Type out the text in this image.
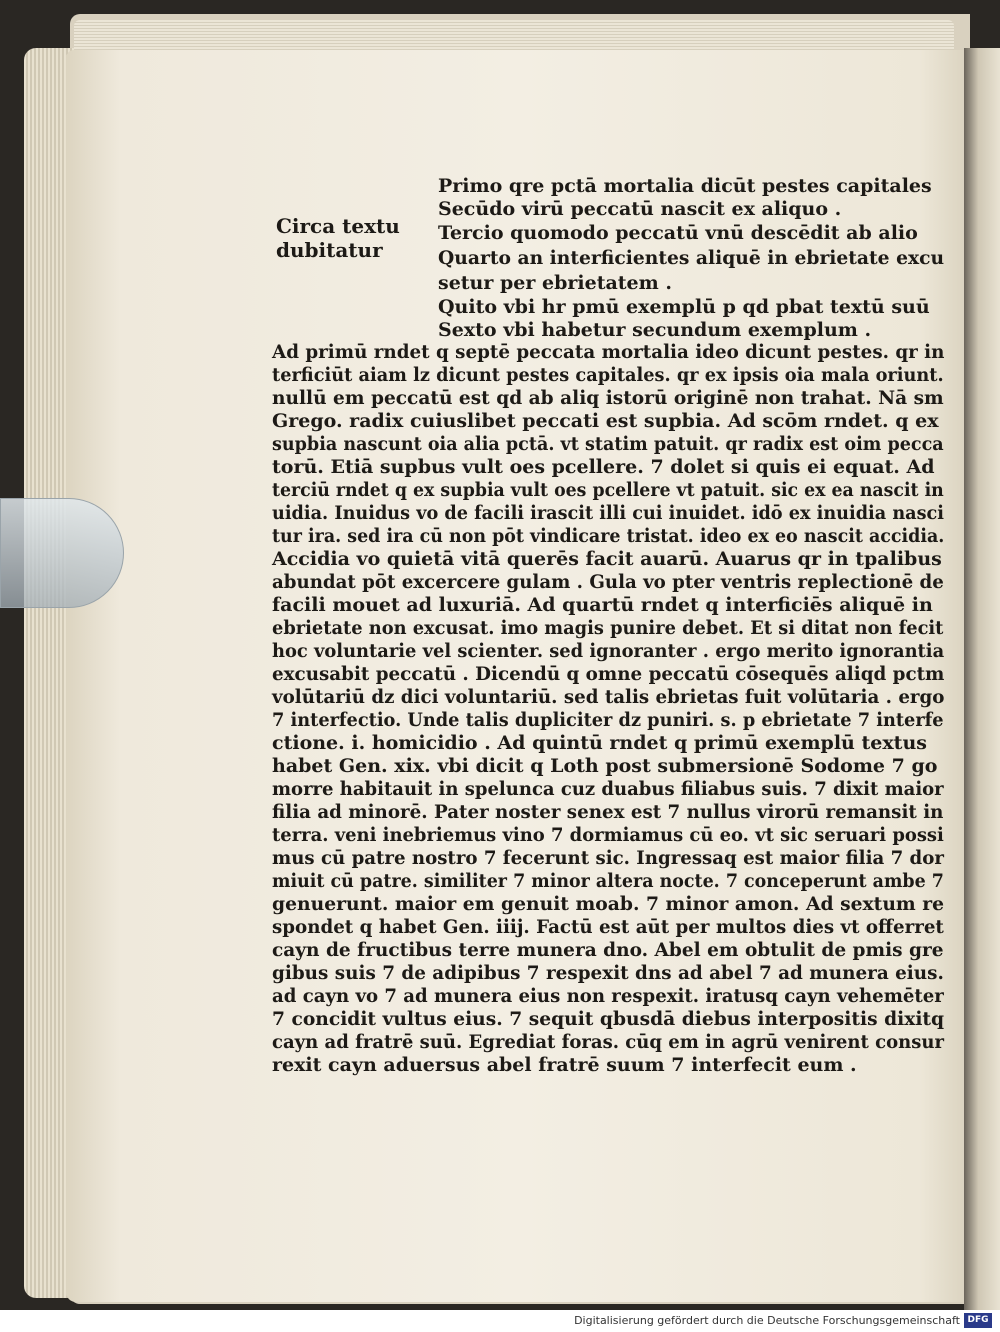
Circa textu

dubitatur

Primo qre pctā mortalia dicūt pestes capitales

Secūdo virū peccatū nascit ex aliquo .

Tercio quomodo peccatū vnū descēdit ab alio

Quarto an interficientes aliquē in ebrietate excu

setur per ebrietatem .

Quito vbi hr pmū exemplū p qd pbat textū suū

Sexto vbi habetur secundum exemplum .

Ad primū rndet q septē peccata mortalia ideo dicunt pestes. qr in

terficiūt aiam lz dicunt pestes capitales. qr ex ipsis oia mala oriunt.

nullū em peccatū est qd ab aliq istorū originē non trahat. Nā sm

Grego. radix cuiuslibet peccati est supbia. Ad scōm rndet. q ex

supbia nascunt oia alia pctā. vt statim patuit. qr radix est oim pecca

torū. Etiā supbus vult oes pcellere. 7 dolet si quis ei equat. Ad

terciū rndet q ex supbia vult oes pcellere vt patuit. sic ex ea nascit in

uidia. Inuidus vo de facili irascit illi cui inuidet. idō ex inuidia nasci

tur ira. sed ira cū non pōt vindicare tristat. ideo ex eo nascit accidia.

Accidia vo quietā vitā querēs facit auarū. Auarus qr in tpalibus

abundat pōt excercere gulam . Gula vo pter ventris replectionē de

facili mouet ad luxuriā. Ad quartū rndet q interficiēs aliquē in

ebrietate non excusat. imo magis punire debet. Et si ditat non fecit

hoc voluntarie vel scienter. sed ignoranter . ergo merito ignorantia

excusabit peccatū . Dicendū q omne peccatū cōsequēs aliqd pctm

volūtariū dz dici voluntariū. sed talis ebrietas fuit volūtaria . ergo

7 interfectio. Unde talis dupliciter dz puniri. s. p ebrietate 7 interfe

ctione. i. homicidio . Ad quintū rndet q primū exemplū textus

habet Gen. xix. vbi dicit q Loth post submersionē Sodome 7 go

morre habitauit in spelunca cuz duabus filiabus suis. 7 dixit maior

filia ad minorē. Pater noster senex est 7 nullus virorū remansit in

terra. veni inebriemus vino 7 dormiamus cū eo. vt sic seruari possi

mus cū patre nostro 7 fecerunt sic. Ingressaq est maior filia 7 dor

miuit cū patre. similiter 7 minor altera nocte. 7 conceperunt ambe 7

genuerunt. maior em genuit moab. 7 minor amon. Ad sextum re

spondet q habet Gen. iiij. Factū est aūt per multos dies vt offerret

cayn de fructibus terre munera dno. Abel em obtulit de pmis gre

gibus suis 7 de adipibus 7 respexit dns ad abel 7 ad munera eius.

ad cayn vo 7 ad munera eius non respexit. iratusq cayn vehemēter

7 concidit vultus eius. 7 sequit qbusdā diebus interpositis dixitq

cayn ad fratrē suū. Egrediat foras. cūq em in agrū venirent consur

rexit cayn aduersus abel fratrē suum 7 interfecit eum .

Digitalisierung gefördert durch die Deutsche Forschungsgemeinschaft DFG
